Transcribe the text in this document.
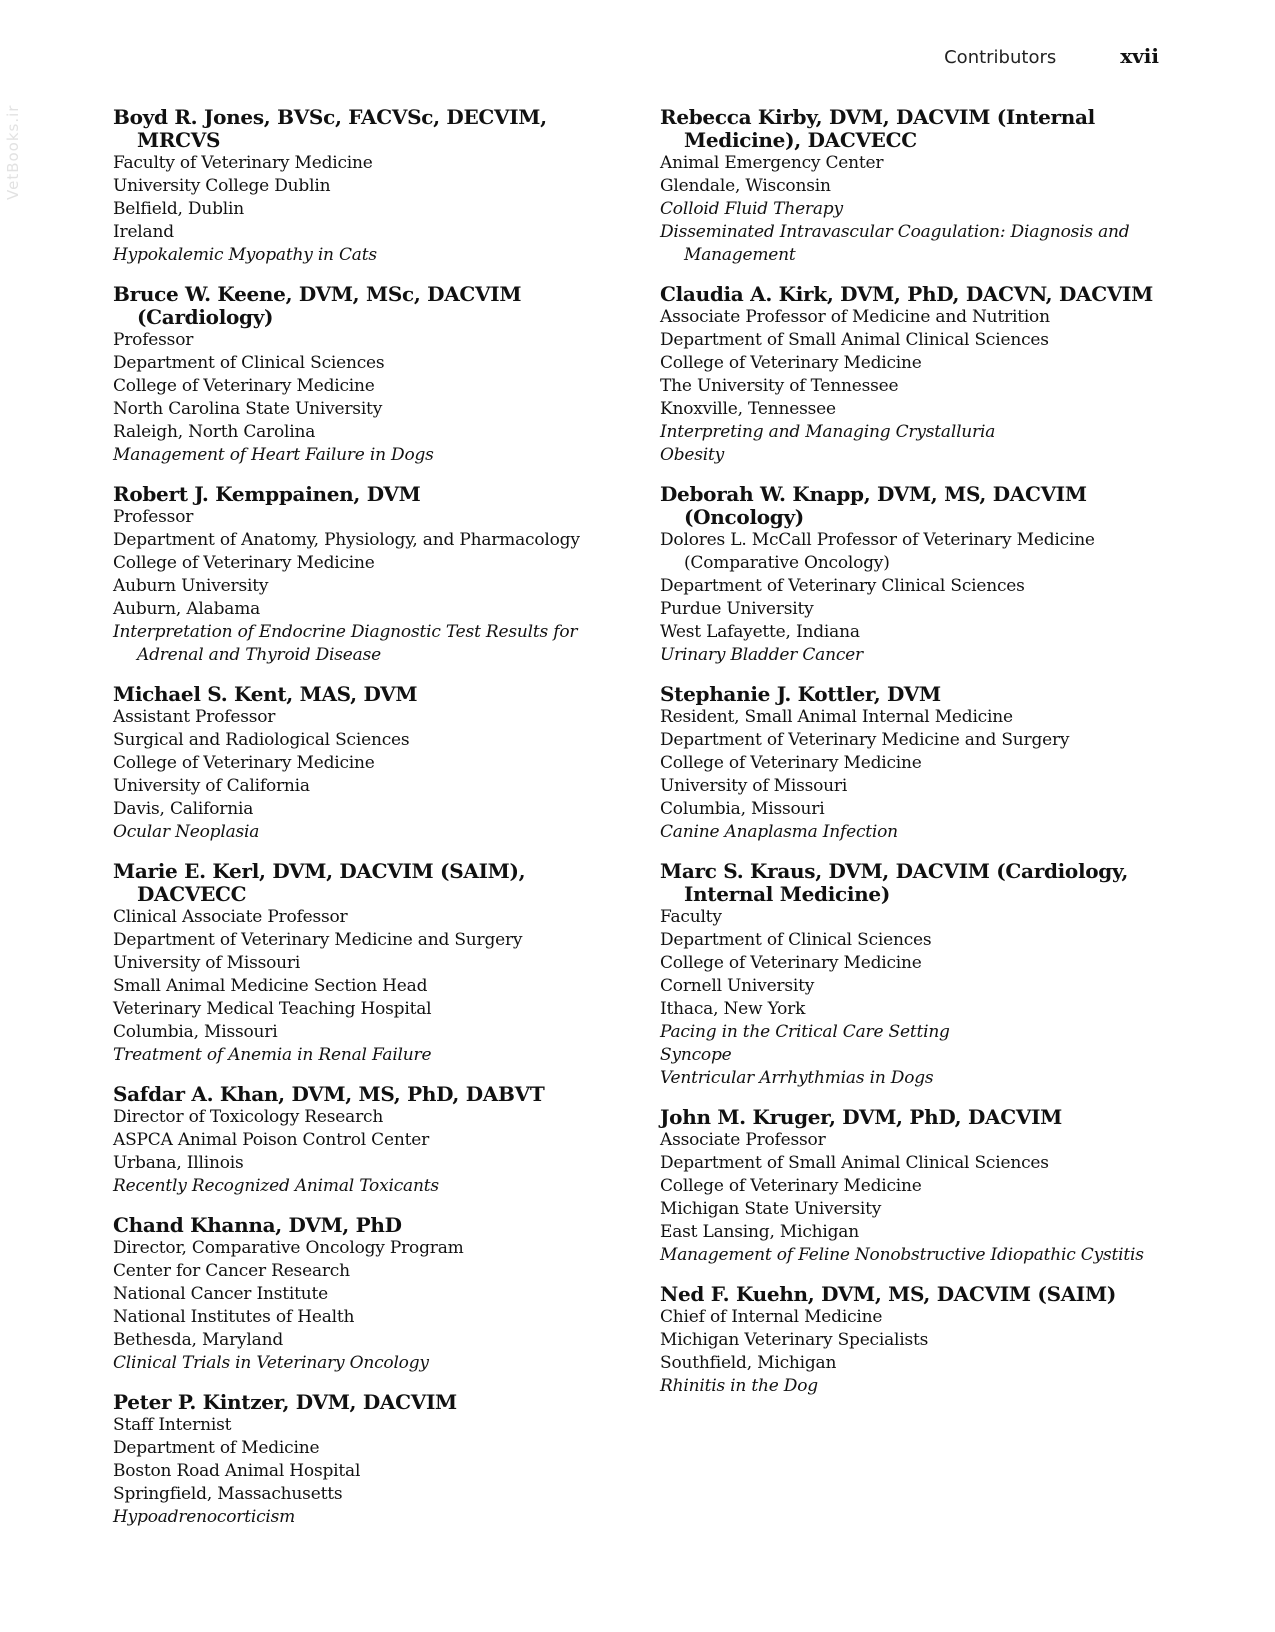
Contributors	xvii
VetBooks.ir	Boyd R. Jones, BVSc, FACVSc, DECVIM, MRCVS
Faculty of Veterinary Medicine
University College Dublin
Belfield, Dublin
Ireland
Hypokalemic Myopathy in Cats
Bruce W. Keene, DVM, MSc, DACVIM (Cardiology)
Professor
Department of Clinical Sciences
College of Veterinary Medicine
North Carolina State University
Raleigh, North Carolina
Management of Heart Failure in Dogs
Robert J. Kemppainen, DVM
Professor
Department of Anatomy, Physiology, and Pharmacology
College of Veterinary Medicine
Auburn University
Auburn, Alabama
Interpretation of Endocrine Diagnostic Test Results for Adrenal and Thyroid Disease
Michael S. Kent, MAS, DVM
Assistant Professor
Surgical and Radiological Sciences
College of Veterinary Medicine
University of California
Davis, California
Ocular Neoplasia
Marie E. Kerl, DVM, DACVIM (SAIM), DACVECC
Clinical Associate Professor
Department of Veterinary Medicine and Surgery
University of Missouri
Small Animal Medicine Section Head
Veterinary Medical Teaching Hospital
Columbia, Missouri
Treatment of Anemia in Renal Failure
Safdar A. Khan, DVM, MS, PhD, DABVT
Director of Toxicology Research
ASPCA Animal Poison Control Center
Urbana, Illinois
Recently Recognized Animal Toxicants
Chand Khanna, DVM, PhD
Director, Comparative Oncology Program
Center for Cancer Research
National Cancer Institute
National Institutes of Health
Bethesda, Maryland
Clinical Trials in Veterinary Oncology
Peter P. Kintzer, DVM, DACVIM
Staff Internist
Department of Medicine
Boston Road Animal Hospital
Springfield, Massachusetts
Hypoadrenocorticism
Rebecca Kirby, DVM, DACVIM (Internal Medicine), DACVECC
Animal Emergency Center
Glendale, Wisconsin
Colloid Fluid Therapy
Disseminated Intravascular Coagulation: Diagnosis and Management
Claudia A. Kirk, DVM, PhD, DACVN, DACVIM
Associate Professor of Medicine and Nutrition
Department of Small Animal Clinical Sciences
College of Veterinary Medicine
The University of Tennessee
Knoxville, Tennessee
Interpreting and Managing Crystalluria
Obesity
Deborah W. Knapp, DVM, MS, DACVIM (Oncology)
Dolores L. McCall Professor of Veterinary Medicine (Comparative Oncology)
Department of Veterinary Clinical Sciences
Purdue University
West Lafayette, Indiana
Urinary Bladder Cancer
Stephanie J. Kottler, DVM
Resident, Small Animal Internal Medicine
Department of Veterinary Medicine and Surgery
College of Veterinary Medicine
University of Missouri
Columbia, Missouri
Canine Anaplasma Infection
Marc S. Kraus, DVM, DACVIM (Cardiology, Internal Medicine)
Faculty
Department of Clinical Sciences
College of Veterinary Medicine
Cornell University
Ithaca, New York
Pacing in the Critical Care Setting
Syncope
Ventricular Arrhythmias in Dogs
John M. Kruger, DVM, PhD, DACVIM
Associate Professor
Department of Small Animal Clinical Sciences
College of Veterinary Medicine
Michigan State University
East Lansing, Michigan
Management of Feline Nonobstructive Idiopathic Cystitis
Ned F. Kuehn, DVM, MS, DACVIM (SAIM)
Chief of Internal Medicine
Michigan Veterinary Specialists
Southfield, Michigan
Rhinitis in the Dog
